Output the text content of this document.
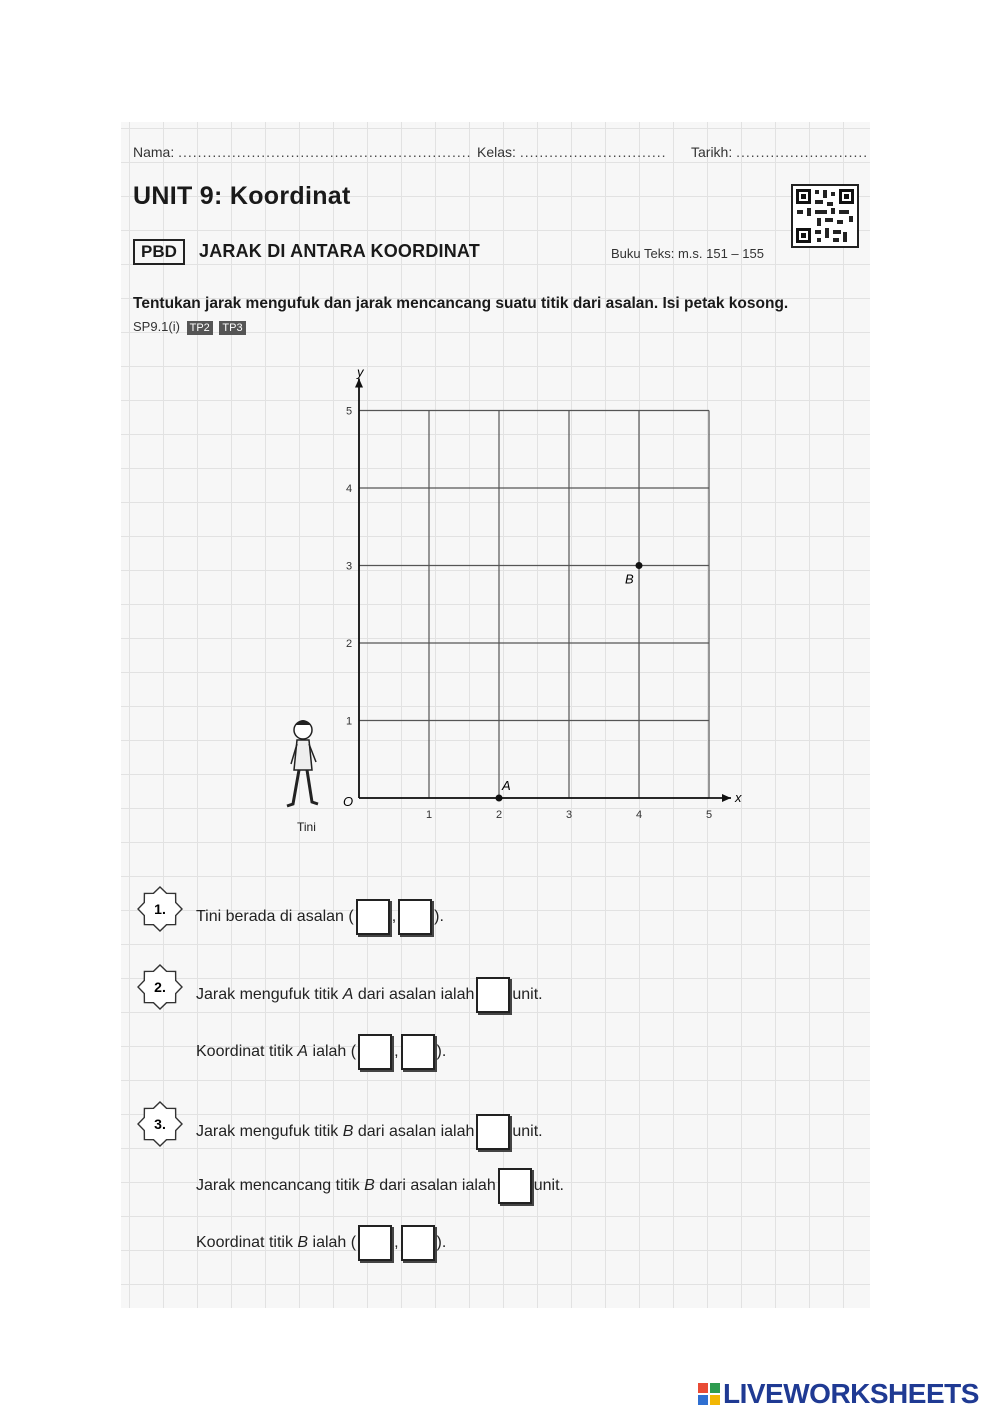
Nama: ............................................................ Kelas: .............................. Tarikh: ...........................
UNIT 9: Koordinat
PBD	JARAK DI ANTARA KOORDINAT	Buku Teks: m.s. 151 – 155
Tentukan jarak mengufuk dan jarak mencancang suatu titik dari asalan. Isi petak kosong.
SP9.1(i) TP2 TP3
x
y
O
1	2	3	4	5
1
2
3
4
5
A
B
Tini
1. Tini berada di asalan ( , ).
2. Jarak mengufuk titik A dari asalan ialah unit.
Koordinat titik A ialah ( , ).
3. Jarak mengufuk titik B dari asalan ialah unit.
Jarak mencancang titik B dari asalan ialah unit.
Koordinat titik B ialah ( , ).
LIVEWORKSHEETS
